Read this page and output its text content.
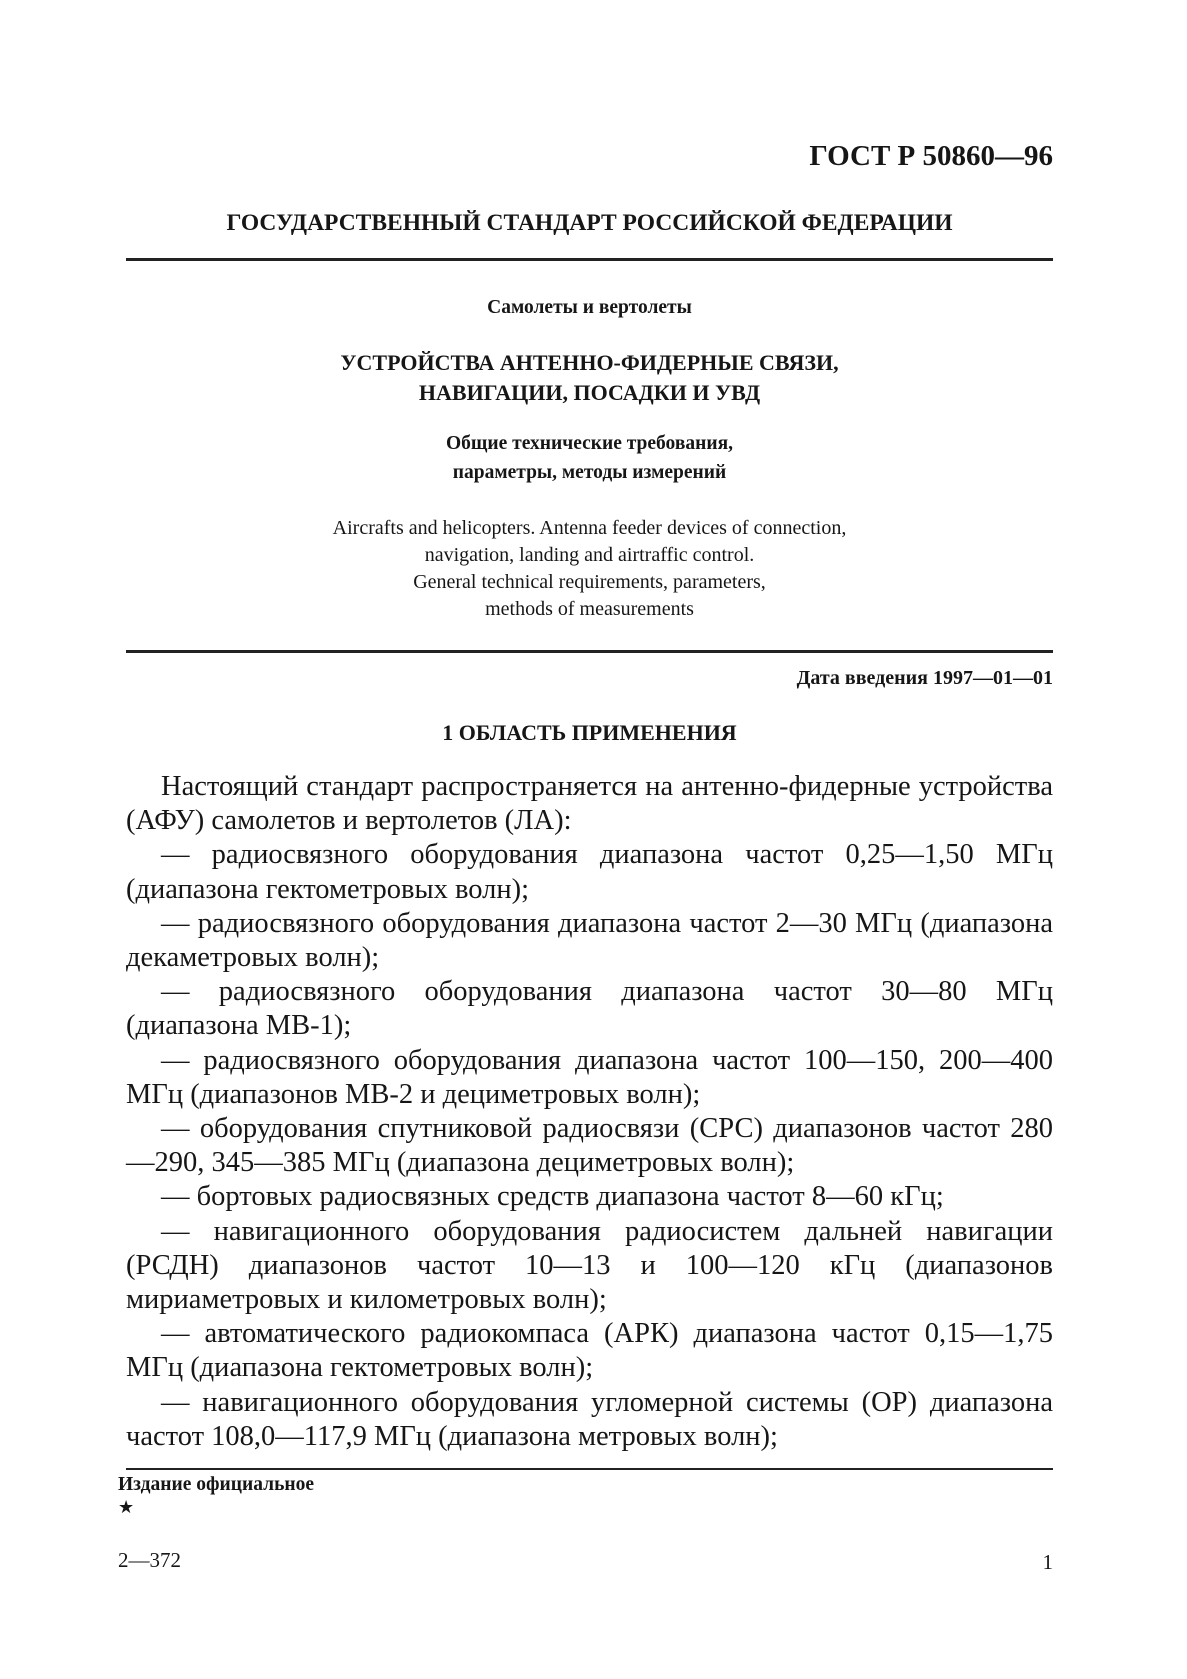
ГОСТ Р 50860—96
ГОСУДАРСТВЕННЫЙ СТАНДАРТ РОССИЙСКОЙ ФЕДЕРАЦИИ
Самолеты и вертолеты
УСТРОЙСТВА АНТЕННО-ФИДЕРНЫЕ СВЯЗИ,
НАВИГАЦИИ, ПОСАДКИ И УВД
Общие технические требования,
параметры, методы измерений
Aircrafts and helicopters. Antenna feeder devices of connection,
navigation, landing and airtraffic control.
General technical requirements, parameters,
methods of measurements
Дата введения 1997—01—01
1 ОБЛАСТЬ ПРИМЕНЕНИЯ

Настоящий стандарт распространяется на антенно-фидерные устройства (АФУ) самолетов и вертолетов (ЛА):

— радиосвязного оборудования диапазона частот 0,25—1,50 МГц (диапазона гектометровых волн);

— радиосвязного оборудования диапазона частот 2—30 МГц (диапазона декаметровых волн);

— радиосвязного оборудования диапазона частот 30—80 МГц (диапазона МВ-1);

— радиосвязного оборудования диапазона частот 100—150, 200—400 МГц (диапазонов МВ-2 и дециметровых волн);

— оборудования спутниковой радиосвязи (СРС) диапазонов частот 280—290, 345—385 МГц (диапазона дециметровых волн);

— бортовых радиосвязных средств диапазона частот 8—60 кГц;

— навигационного оборудования радиосистем дальней навигации (РСДН) диапазонов частот 10—13 и 100—120 кГц (диапазонов мириаметровых и километровых волн);

— автоматического радиокомпаса (АРК) диапазона частот 0,15—1,75 МГц (диапазона гектометровых волн);

— навигационного оборудования угломерной системы (ОР) диапазона частот 108,0—117,9 МГц (диапазона метровых волн);

Издание официальное
★
2—372	1
